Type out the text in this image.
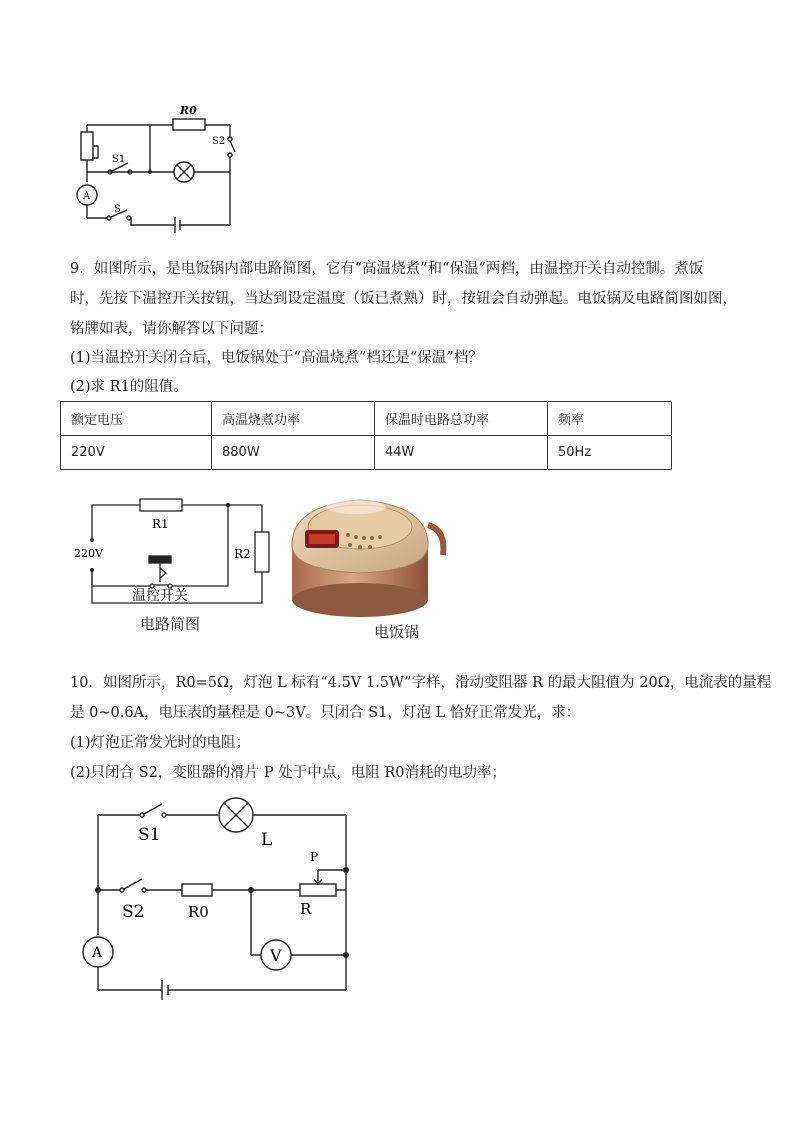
R0
S2
S1
S
A
9．如图所示，是电饭锅内部电路简图，它有“高温烧煮”和“保温”两档，由温控开关自动控制。煮饭
时，先按下温控开关按钮，当达到设定温度（饭已煮熟）时，按钮会自动弹起。电饭锅及电路简图如图，
铭牌如表，请你解答以下问题：
(1)当温控开关闭合后，电饭锅处于“高温烧煮”档还是“保温”档？
(2)求 R1的阻值。
额定电压	高温烧煮功率	保温时电路总功率	频率
220V	880W	44W	50Hz
R1
R2
220V
温控开关
电路简图	电饭锅
10．如图所示，R0=5Ω，灯泡 L 标有“4.5V 1.5W”字样，滑动变阻器 R 的最大阻值为 20Ω，电流表的量程
是 0~0.6A，电压表的量程是 0~3V。只闭合 S1，灯泡 L 恰好正常发光，求：
(1)灯泡正常发光时的电阻；
(2)只闭合 S2，变阻器的滑片 P 处于中点，电阻 R0消耗的电功率；
S1	L
P
S2	R0	R
A	V
